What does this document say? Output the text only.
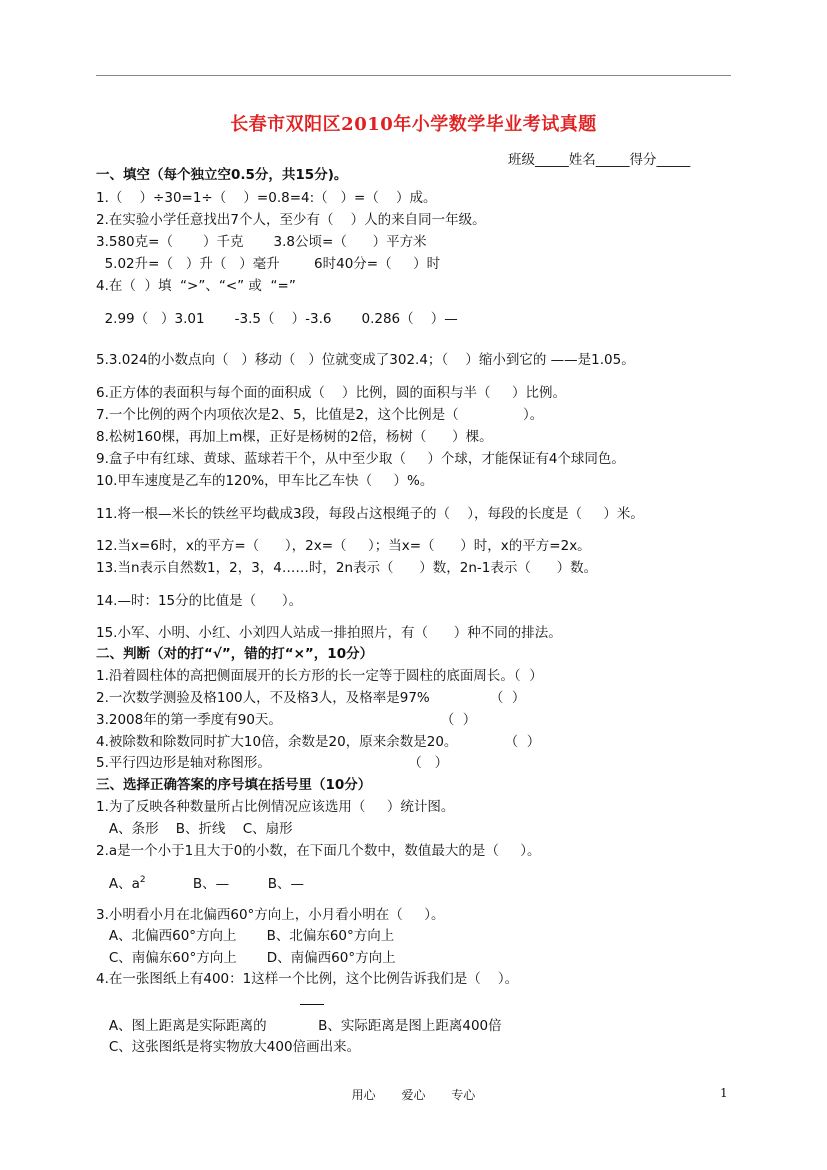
长春市双阳区2010年小学数学毕业考试真题
班级_____姓名_____得分_____
一、填空（每个独立空0.5分，共15分)。
1.（    ）÷30=1÷（    ）=0.8=4:（   ）=（    ）成。
2.在实验小学任意找出7个人，至少有（    ）人的来自同一年级。
3.580克=（       ）千克       3.8公顷=（      ）平方米
5.02升=（   ）升（   ）毫升        6时40分=（     ）时
4.在（  ）填  “>”、“<” 或  “=”
2.99（   ）3.01       -3.5（    ）-3.6       0.286（    ）—
5.3.024的小数点向（   ）移动（   ）位就变成了302.4；（    ）缩小到它的 ——是1.05。
6.正方体的表面积与每个面的面积成（    ）比例，圆的面积与半（     ）比例。
7.一个比例的两个内项依次是2、5，比值是2，这个比例是（               ）。
8.松树160棵，再加上m棵，正好是杨树的2倍，杨树（      ）棵。
9.盒子中有红球、黄球、蓝球若干个，从中至少取（     ）个球，才能保证有4个球同色。
10.甲车速度是乙车的120%，甲车比乙车快（     ）%。
11.将一根—米长的铁丝平均截成3段，每段占这根绳子的（    ），每段的长度是（     ）米。
12.当x=6时，x的平方=（      ），2x=（     ）；当x=（      ）时，x的平方=2x。
13.当n表示自然数1，2，3，4……时，2n表示（      ）数，2n-1表示（      ）数。
14.—时：15分的比值是（      ）。
15.小军、小明、小红、小刘四人站成一排拍照片，有（      ）种不同的排法。
二、判断（对的打“√”，错的打“×”，10分）
1.沿着圆柱体的高把侧面展开的长方形的长一定等于圆柱的底面周长。（  ）
2.一次数学测验及格100人，不及格3人，及格率是97%              （  ）
3.2008年的第一季度有90天。                                     （  ）
4.被除数和除数同时扩大10倍，余数是20，原来余数是20。           （  ）
5.平行四边形是轴对称图形。                                （   ）
三、选择正确答案的序号填在括号里（10分）
1.为了反映各种数量所占比例情况应该选用（     ）统计图。
A、条形    B、折线    C、扇形
2.a是一个小于1且大于0的小数，在下面几个数中，数值最大的是（     ）。
A、$a^2$	B、—	B、—
3.小明看小月在北偏西60°方向上，小月看小明在（     ）。
A、北偏西60°方向上       B、北偏东60°方向上
C、南偏东60°方向上       D、南偏西60°方向上
4.在一张图纸上有400：1这样一个比例，这个比例告诉我们是（    ）。
A、图上距离是实际距离的            B、实际距离是图上距离400倍
C、这张图纸是将实物放大400倍画出来。
用心 爱心 专心	1
